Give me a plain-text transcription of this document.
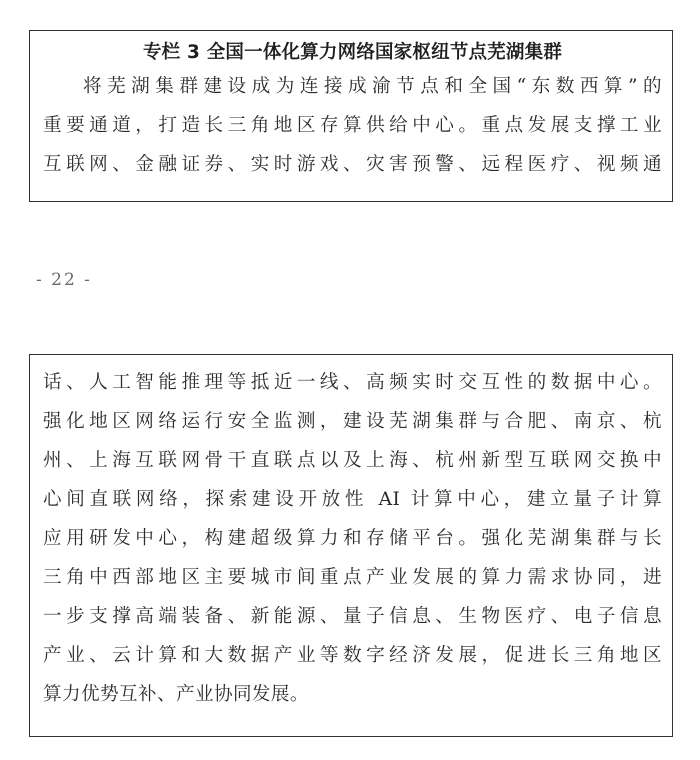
专栏 3 全国一体化算力网络国家枢纽节点芜湖集群
将芜湖集群建设成为连接成渝节点和全国“东数西算”的
重要通道，打造长三角地区存算供给中心。重点发展支撑工业
互联网、金融证券、实时游戏、灾害预警、远程医疗、视频通
- 22 -
话、人工智能推理等抵近一线、高频实时交互性的数据中心。
强化地区网络运行安全监测，建设芜湖集群与合肥、南京、杭
州、上海互联网骨干直联点以及上海、杭州新型互联网交换中
心间直联网络，探索建设开放性 AI 计算中心，建立量子计算
应用研发中心，构建超级算力和存储平台。强化芜湖集群与长
三角中西部地区主要城市间重点产业发展的算力需求协同，进
一步支撑高端装备、新能源、量子信息、生物医疗、电子信息
产业、云计算和大数据产业等数字经济发展，促进长三角地区
算力优势互补、产业协同发展。
